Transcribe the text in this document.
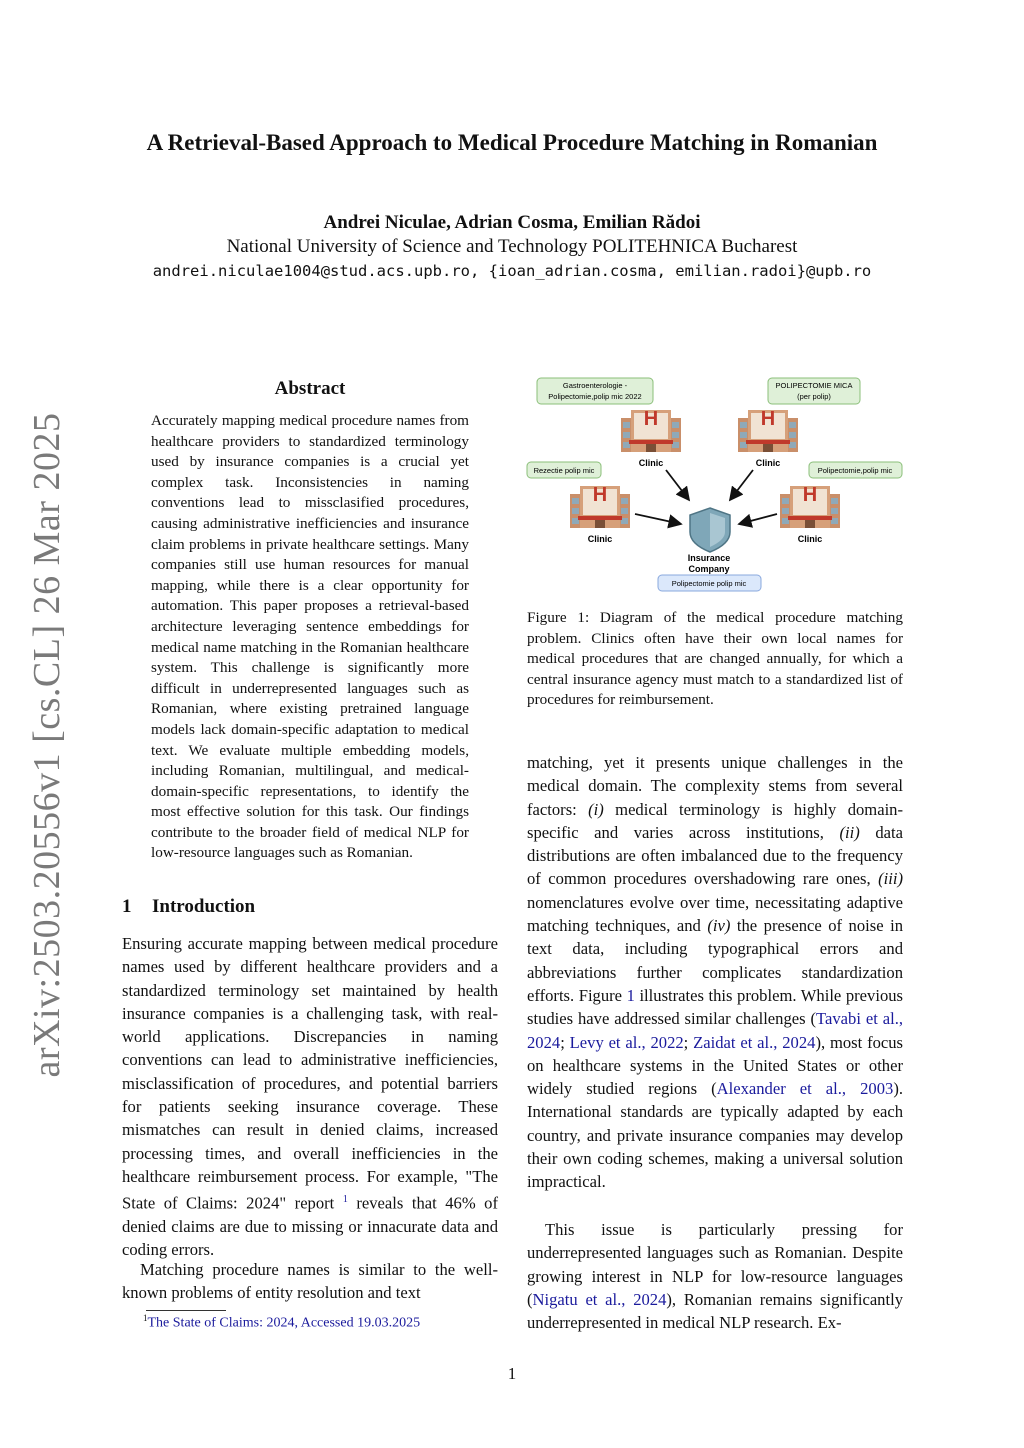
arXiv:2503.20556v1 [cs.CL] 26 Mar 2025
A Retrieval-Based Approach to Medical Procedure Matching in Romanian
Andrei Niculae, Adrian Cosma, Emilian Rădoi
National University of Science and Technology POLITEHNICA Bucharest
andrei.niculae1004@stud.acs.upb.ro, {ioan_adrian.cosma, emilian.radoi}@upb.ro
Abstract
Accurately mapping medical procedure names from healthcare providers to standardized terminology used by insurance companies is a crucial yet complex task. Inconsistencies in naming conventions lead to missclasified procedures, causing administrative inefficiencies and insurance claim problems in private healthcare settings. Many companies still use human resources for manual mapping, while there is a clear opportunity for automation. This paper proposes a retrieval-based architecture leveraging sentence embeddings for medical name matching in the Romanian healthcare system. This challenge is significantly more difficult in underrepresented languages such as Romanian, where existing pretrained language models lack domain-specific adaptation to medical text. We evaluate multiple embedding models, including Romanian, multilingual, and medical-domain-specific representations, to identify the most effective solution for this task. Our findings contribute to the broader field of medical NLP for low-resource languages such as Romanian.
1 Introduction
Ensuring accurate mapping between medical procedure names used by different healthcare providers and a standardized terminology set maintained by health insurance companies is a challenging task, with real-world applications. Discrepancies in naming conventions can lead to administrative inefficiencies, misclassification of procedures, and potential barriers for patients seeking insurance coverage. These mismatches can result in denied claims, increased processing times, and overall inefficiencies in the healthcare reimbursement process. For example, "The State of Claims: 2024" report $^1$ reveals that 46% of denied claims are due to missing or innacurate data and coding errors.
Matching procedure names is similar to the well-known problems of entity resolution and text
$^1$The State of Claims: 2024, Accessed 19.03.2025
Gastroenterologie -
Polipectomie,polip mic 2022
POLIPECTOMIE MICA
(per polip)
Rezectie polip mic	Polipectomie,polip mic
Polipectomie polip mic
H
Clinic
H
Clinic
H
Clinic
H
Clinic
Insurance
Company
Figure 1: Diagram of the medical procedure matching problem. Clinics often have their own local names for medical procedures that are changed annually, for which a central insurance agency must match to a standardized list of procedures for reimbursement.
matching, yet it presents unique challenges in the medical domain. The complexity stems from several factors: (i) medical terminology is highly domain-specific and varies across institutions, (ii) data distributions are often imbalanced due to the frequency of common procedures overshadowing rare ones, (iii) nomenclatures evolve over time, necessitating adaptive matching techniques, and (iv) the presence of noise in text data, including typographical errors and abbreviations further complicates standardization efforts. Figure 1 illustrates this problem. While previous studies have addressed similar challenges (Tavabi et al., 2024; Levy et al., 2022; Zaidat et al., 2024), most focus on healthcare systems in the United States or other widely studied regions (Alexander et al., 2003). International standards are typically adapted by each country, and private insurance companies may develop their own coding schemes, making a universal solution impractical.
This issue is particularly pressing for underrepresented languages such as Romanian. Despite growing interest in NLP for low-resource languages (Nigatu et al., 2024), Romanian remains significantly underrepresented in medical NLP research. Ex-
1
